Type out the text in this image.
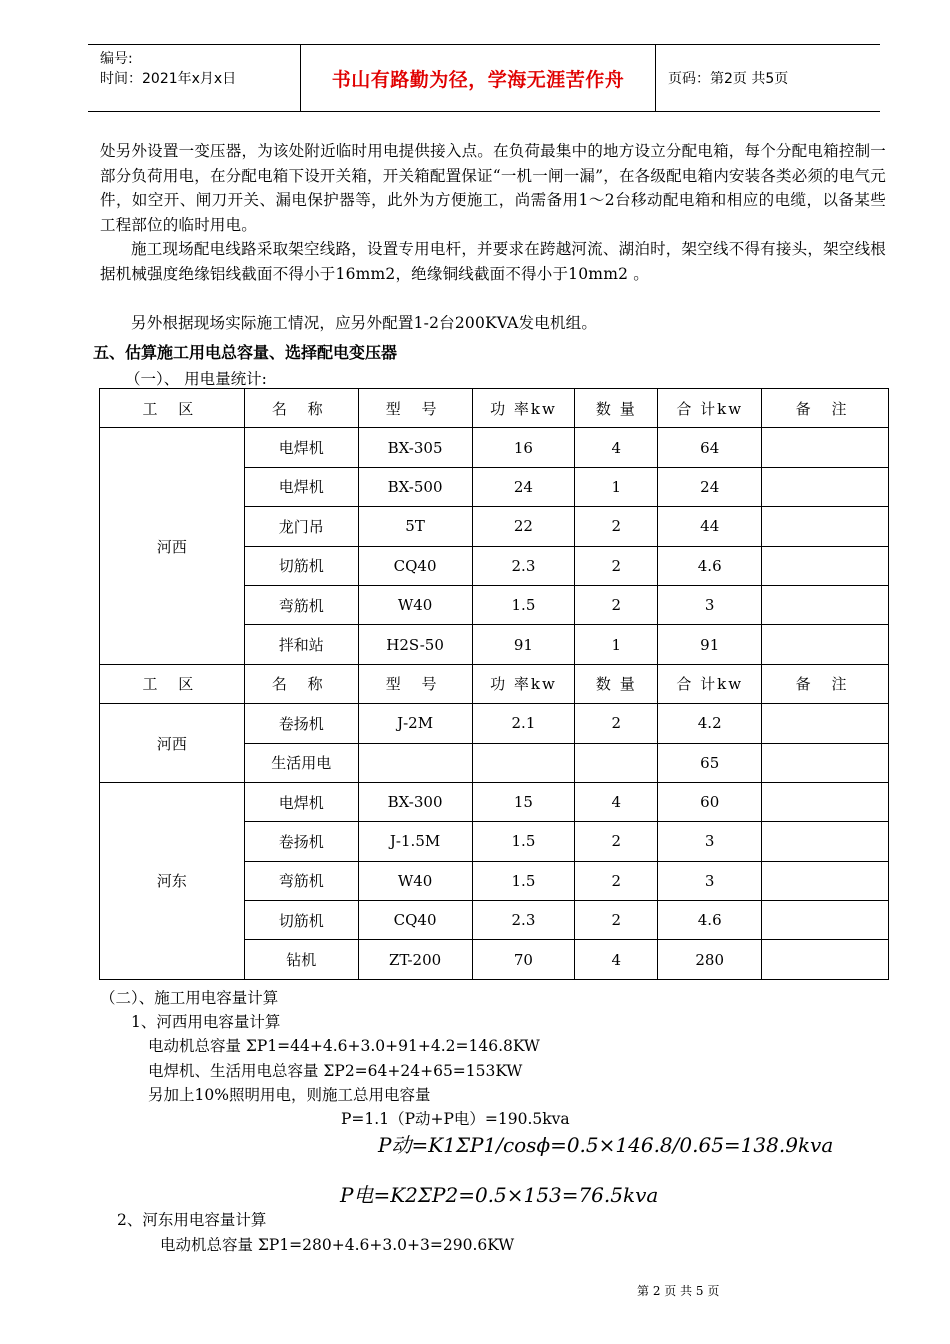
编号:
时间：2021年x月x日	书山有路勤为径，学海无涯苦作舟	页码：第2页 共5页
处另外设置一变压器，为该处附近临时用电提供接入点。在负荷最集中的地方设立分配电箱，每个分配电箱控制一部分负荷用电，在分配电箱下设开关箱，开关箱配置保证“一机一闸一漏”，在各级配电箱内安装各类必须的电气元件，如空开、闸刀开关、漏电保护器等，此外为方便施工，尚需备用1～2台移动配电箱和相应的电缆，以备某些工程部位的临时用电。
施工现场配电线路采取架空线路，设置专用电杆，并要求在跨越河流、湖泊时，架空线不得有接头，架空线根据机械强度绝缘铝线截面不得小于16mm2，绝缘铜线截面不得小于10mm2 。
另外根据现场实际施工情况，应另外配置1-2台200KVA发电机组。
五、估算施工用电总容量、选择配电变压器
（一）、 用电量统计:
工 区	名 称	型 号	功 率kw	数 量	合 计kw	备 注
河西	电焊机	BX-305	16	4	64	
	电焊机	BX-500	24	1	24	
	龙门吊	5T	22	2	44	
	切筋机	CQ40	2.3	2	4.6	
	弯筋机	W40	1.5	2	3	
	拌和站	H2S-50	91	1	91	
工 区	名 称	型 号	功 率kw	数 量	合 计kw	备 注
河西	卷扬机	J-2M	2.1	2	4.2	
	生活用电				65	
河东	电焊机	BX-300	15	4	60	
	卷扬机	J-1.5M	1.5	2	3	
	弯筋机	W40	1.5	2	3	
	切筋机	CQ40	2.3	2	4.6	
	钻机	ZT-200	70	4	280	
（二）、施工用电容量计算
1、河西用电容量计算
电动机总容量 ΣP1=44+4.6+3.0+91+4.2=146.8KW
电焊机、生活用电总容量 ΣP2=64+24+65=153KW
另加上10%照明用电，则施工总用电容量
P=1.1（P动+P电）=190.5kva
P动=K1ΣP1/cosϕ=0.5×146.8/0.65=138.9kva
P电=K2ΣP2=0.5×153=76.5kva
2、河东用电容量计算
电动机总容量 ΣP1=280+4.6+3.0+3=290.6KW
第 2 页 共 5 页
